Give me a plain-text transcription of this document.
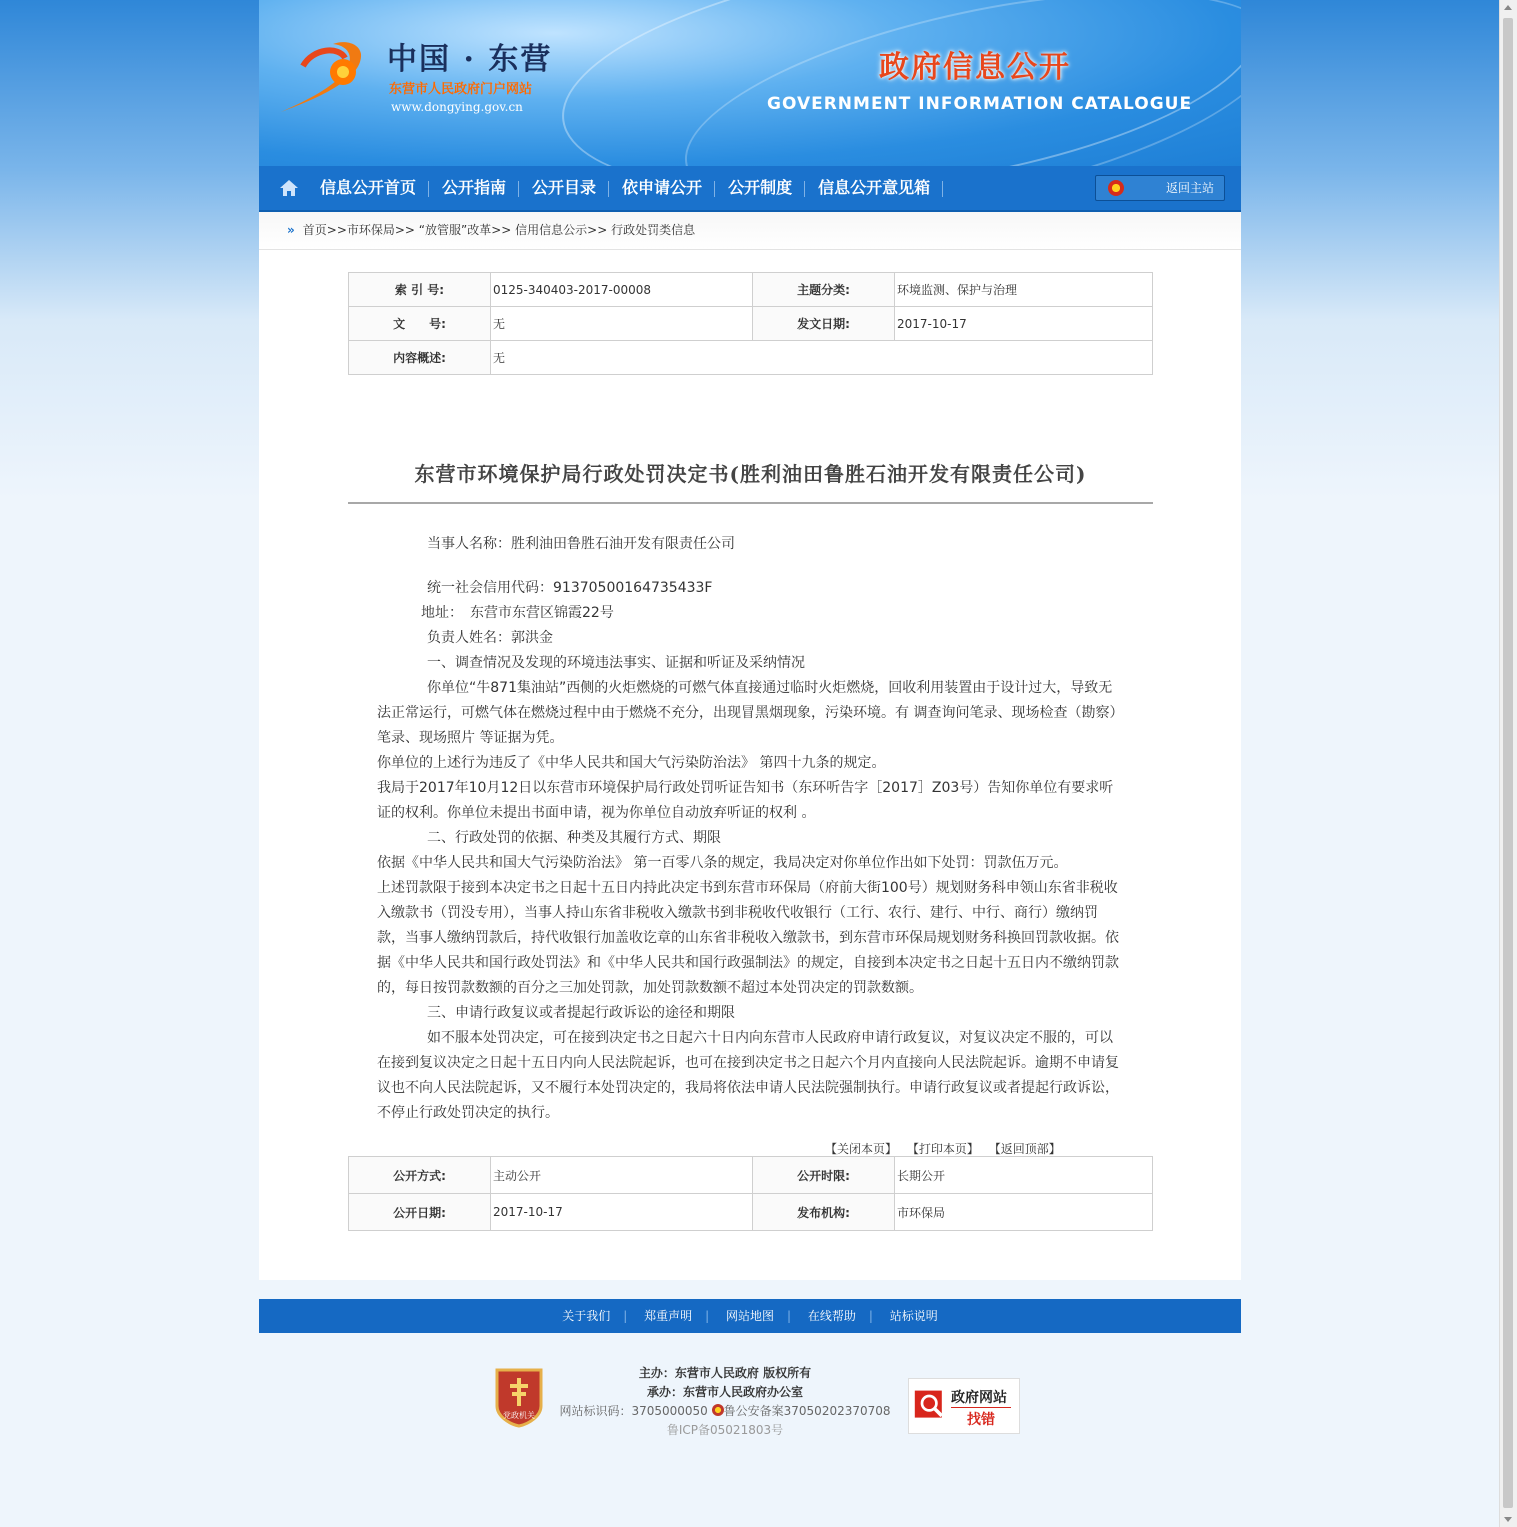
中国 · 东营
东营市人民政府门户网站
www.dongying.gov.cn
政府信息公开
GOVERNMENT INFORMATION CATALOGUE
信息公开首页	公开指南	公开目录	依申请公开	公开制度	信息公开意见箱	返回主站
» 首页>>市环保局>> “放管服”改革>> 信用信息公示>> 行政处罚类信息
索 引 号:	0125-340403-2017-00008	主题分类:	环境监测、保护与治理
文　　号:	无	发文日期:	2017-10-17
内容概述:	无		
东营市环境保护局行政处罚决定书(胜利油田鲁胜石油开发有限责任公司)

当事人名称：胜利油田鲁胜石油开发有限责任公司

统一社会信用代码：91370500164735433F

地址：　东营市东营区锦霞22号

负责人姓名：郭洪金

一、调查情况及发现的环境违法事实、证据和听证及采纳情况

你单位“牛871集油站”西侧的火炬燃烧的可燃气体直接通过临时火炬燃烧，回收利用装置由于设计过大，导致无法正常运行，可燃气体在燃烧过程中由于燃烧不充分，出现冒黑烟现象，污染环境。有 调查询问笔录、现场检查（勘察）笔录、现场照片 等证据为凭。

你单位的上述行为违反了《中华人民共和国大气污染防治法》 第四十九条的规定。

我局于2017年10月12日以东营市环境保护局行政处罚听证告知书（东环听告字［2017］Z03号）告知你单位有要求听证的权利。你单位未提出书面申请，视为你单位自动放弃听证的权利 。

二、行政处罚的依据、种类及其履行方式、期限

依据《中华人民共和国大气污染防治法》 第一百零八条的规定，我局决定对你单位作出如下处罚：罚款伍万元。

上述罚款限于接到本决定书之日起十五日内持此决定书到东营市环保局（府前大街100号）规划财务科申领山东省非税收入缴款书（罚没专用），当事人持山东省非税收入缴款书到非税收代收银行（工行、农行、建行、中行、商行）缴纳罚款，当事人缴纳罚款后，持代收银行加盖收讫章的山东省非税收入缴款书，到东营市环保局规划财务科换回罚款收据。依据《中华人民共和国行政处罚法》和《中华人民共和国行政强制法》的规定，自接到本决定书之日起十五日内不缴纳罚款的，每日按罚款数额的百分之三加处罚款，加处罚款数额不超过本处罚决定的罚款数额。

三、申请行政复议或者提起行政诉讼的途径和期限

如不服本处罚决定，可在接到决定书之日起六十日内向东营市人民政府申请行政复议，对复议决定不服的，可以在接到复议决定之日起十五日内向人民法院起诉，也可在接到决定书之日起六个月内直接向人民法院起诉。逾期不申请复议也不向人民法院起诉，又不履行本处罚决定的，我局将依法申请人民法院强制执行。申请行政复议或者提起行政诉讼，不停止行政处罚决定的执行。

【关闭本页】 【打印本页】 【返回顶部】
公开方式:	主动公开	公开时限:	长期公开
公开日期:	2017-10-17	发布机构:	市环保局
关于我们 | 郑重声明 | 网站地图 | 在线帮助 | 站标说明
党政机关
主办：东营市人民政府 版权所有
承办：东营市人民政府办公室
网站标识码：3705000050 鲁公安备案37050202370708
鲁ICP备05021803号
政府网站
找错
